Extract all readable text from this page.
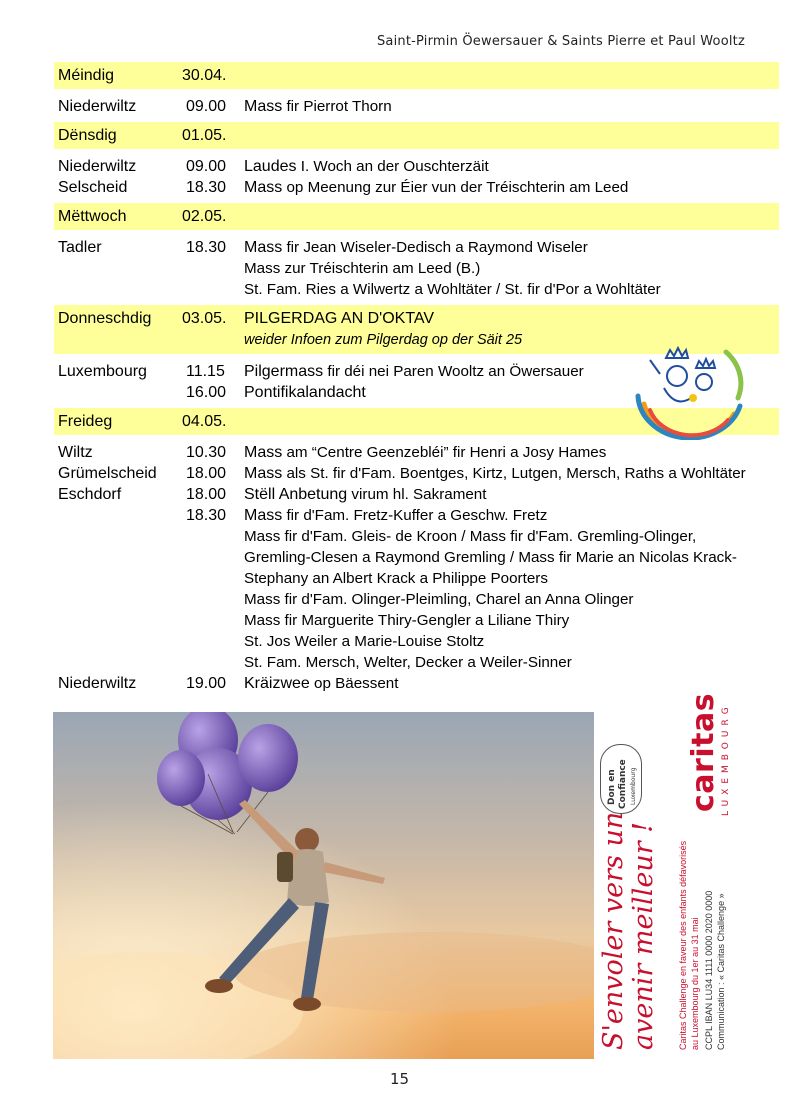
Saint-Pirmin Öewersauer & Saints Pierre et Paul Wooltz
Méindig	30.04.
Niederwiltz	09.00 Mass fir Pierrot Thorn
Dënsdig	01.05.
Niederwiltz	09.00 Laudes I. Woch an der Ouschterzäit
Selscheid	18.30 Mass op Meenung zur Éier vun der Tréischterin am Leed
Mëttwoch	02.05.
Tadler	18.30 Mass fir Jean Wiseler-Dedisch a Raymond Wiseler
Mass zur Tréischterin am Leed (B.)
St. Fam. Ries a Wilwertz a Wohltäter / St. fir d'Por a Wohltäter
Donneschdig 03.05. PILGERDAG AN D'OKTAV
weider Infoen zum Pilgerdag op der Säit 25
Luxembourg 11.15 Pilgermass fir déi nei Paren Wooltz an Öwersauer
16.00 Pontifikalandacht
Freideg	04.05.
Wiltz	10.30 Mass am “Centre Geenzebléi” fir Henri a Josy Hames
Grümelscheid 18.00 Mass als St. fir d'Fam. Boentges, Kirtz, Lutgen, Mersch, Raths a Wohltäter
Eschdorf	18.00 Stëll Anbetung virum hl. Sakrament
18.30 Mass fir d'Fam. Fretz-Kuffer a Geschw. Fretz
Mass fir d'Fam. Gleis- de Kroon / Mass fir d'Fam. Gremling-Olinger,
Gremling-Clesen a Raymond Gremling / Mass fir Marie an Nicolas Krack-
Stephany an Albert Krack a Philippe Poorters
Mass fir d'Fam. Olinger-Pleimling, Charel an Anna Olinger
Mass fir Marguerite Thiry-Gengler a Liliane Thiry
St. Jos Weiler a Marie-Louise Stoltz
St. Fam. Mersch, Welter, Decker a Weiler-Sinner
Niederwiltz	19.00 Kräizwee op Bäessent
caritas LUXEMBOURG
Don en Confiance Luxembourg
S'envoler vers un avenir meilleur ! Caritas Challenge en faveur des enfants défavorisés au Luxembourg du 1er au 31 mai CCPL IBAN LU34 1111 0000 2020 0000 Communication : « Caritas Challenge »
15
